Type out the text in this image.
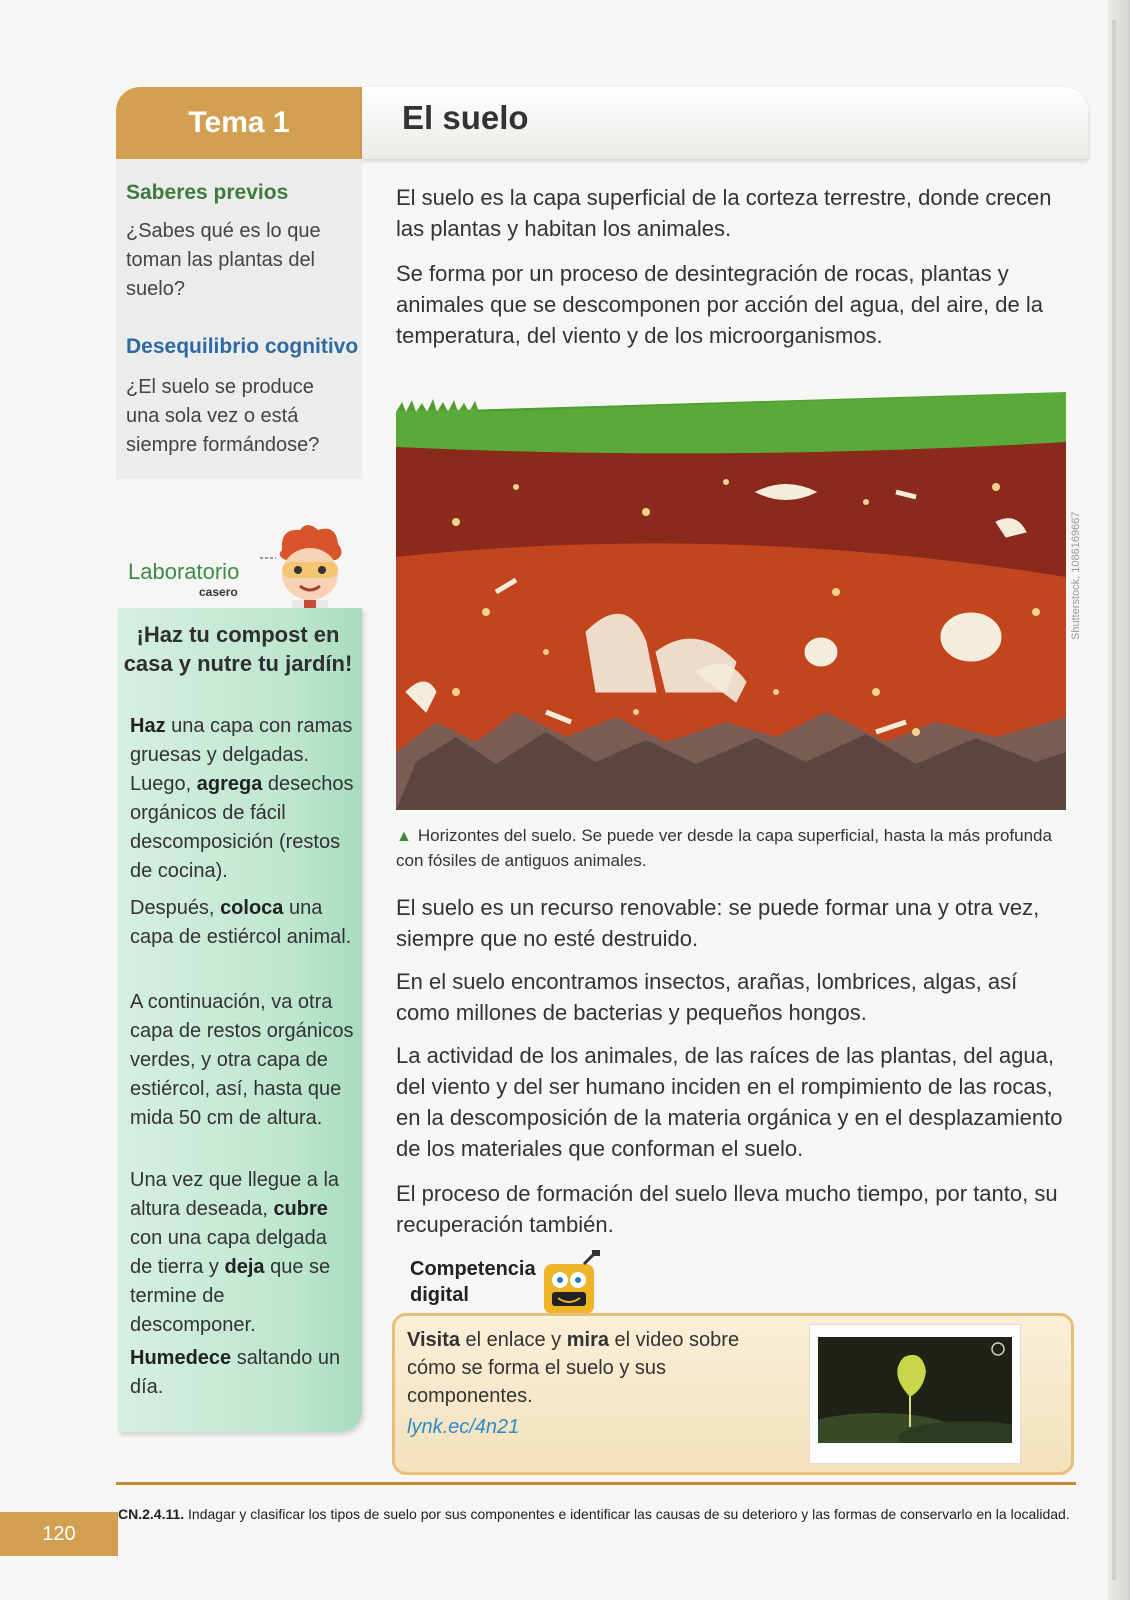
Tema 1	El suelo

Saberes previos

¿Sabes qué es lo que toman las plantas del suelo?

Desequilibrio cognitivo

¿El suelo se produce una sola vez o está siempre formándose?

Laboratorio
casero
¡Haz tu compost en casa y nutre tu jardín!

Haz una capa con ramas gruesas y delgadas. Luego, agrega desechos orgánicos de fácil descomposición (restos de cocina).

Después, coloca una capa de estiércol animal.

A continuación, va otra capa de restos orgánicos verdes, y otra capa de estiércol, así, hasta que mida 50 cm de altura.

Una vez que llegue a la altura deseada, cubre con una capa delgada de tierra y deja que se termine de descomponer.

Humedece saltando un día.

El suelo es la capa superficial de la corteza terrestre, donde crecen las plantas y habitan los animales.

Se forma por un proceso de desintegración de rocas, plantas y animales que se descomponen por acción del agua, del aire, de la temperatura, del viento y de los microorganismos.

Shutterstock, 1086169667
▲ Horizontes del suelo. Se puede ver desde la capa superficial, hasta la más profunda con fósiles de antiguos animales.

El suelo es un recurso renovable: se puede formar una y otra vez, siempre que no esté destruido.

En el suelo encontramos insectos, arañas, lombrices, algas, así como millones de bacterias y pequeños hongos.

La actividad de los animales, de las raíces de las plantas, del agua, del viento y del ser humano inciden en el rompimiento de las rocas, en la descomposición de la materia orgánica y en el desplazamiento de los materiales que conforman el suelo.

El proceso de formación del suelo lleva mucho tiempo, por tanto, su recuperación también.

Competencia digital
Visita el enlace y mira el video sobre cómo se forma el suelo y sus componentes.
lynk.ec/4n21
CN.2.4.11. Indagar y clasificar los tipos de suelo por sus componentes e identificar las causas de su deterioro y las formas de conservarlo en la localidad.
120
